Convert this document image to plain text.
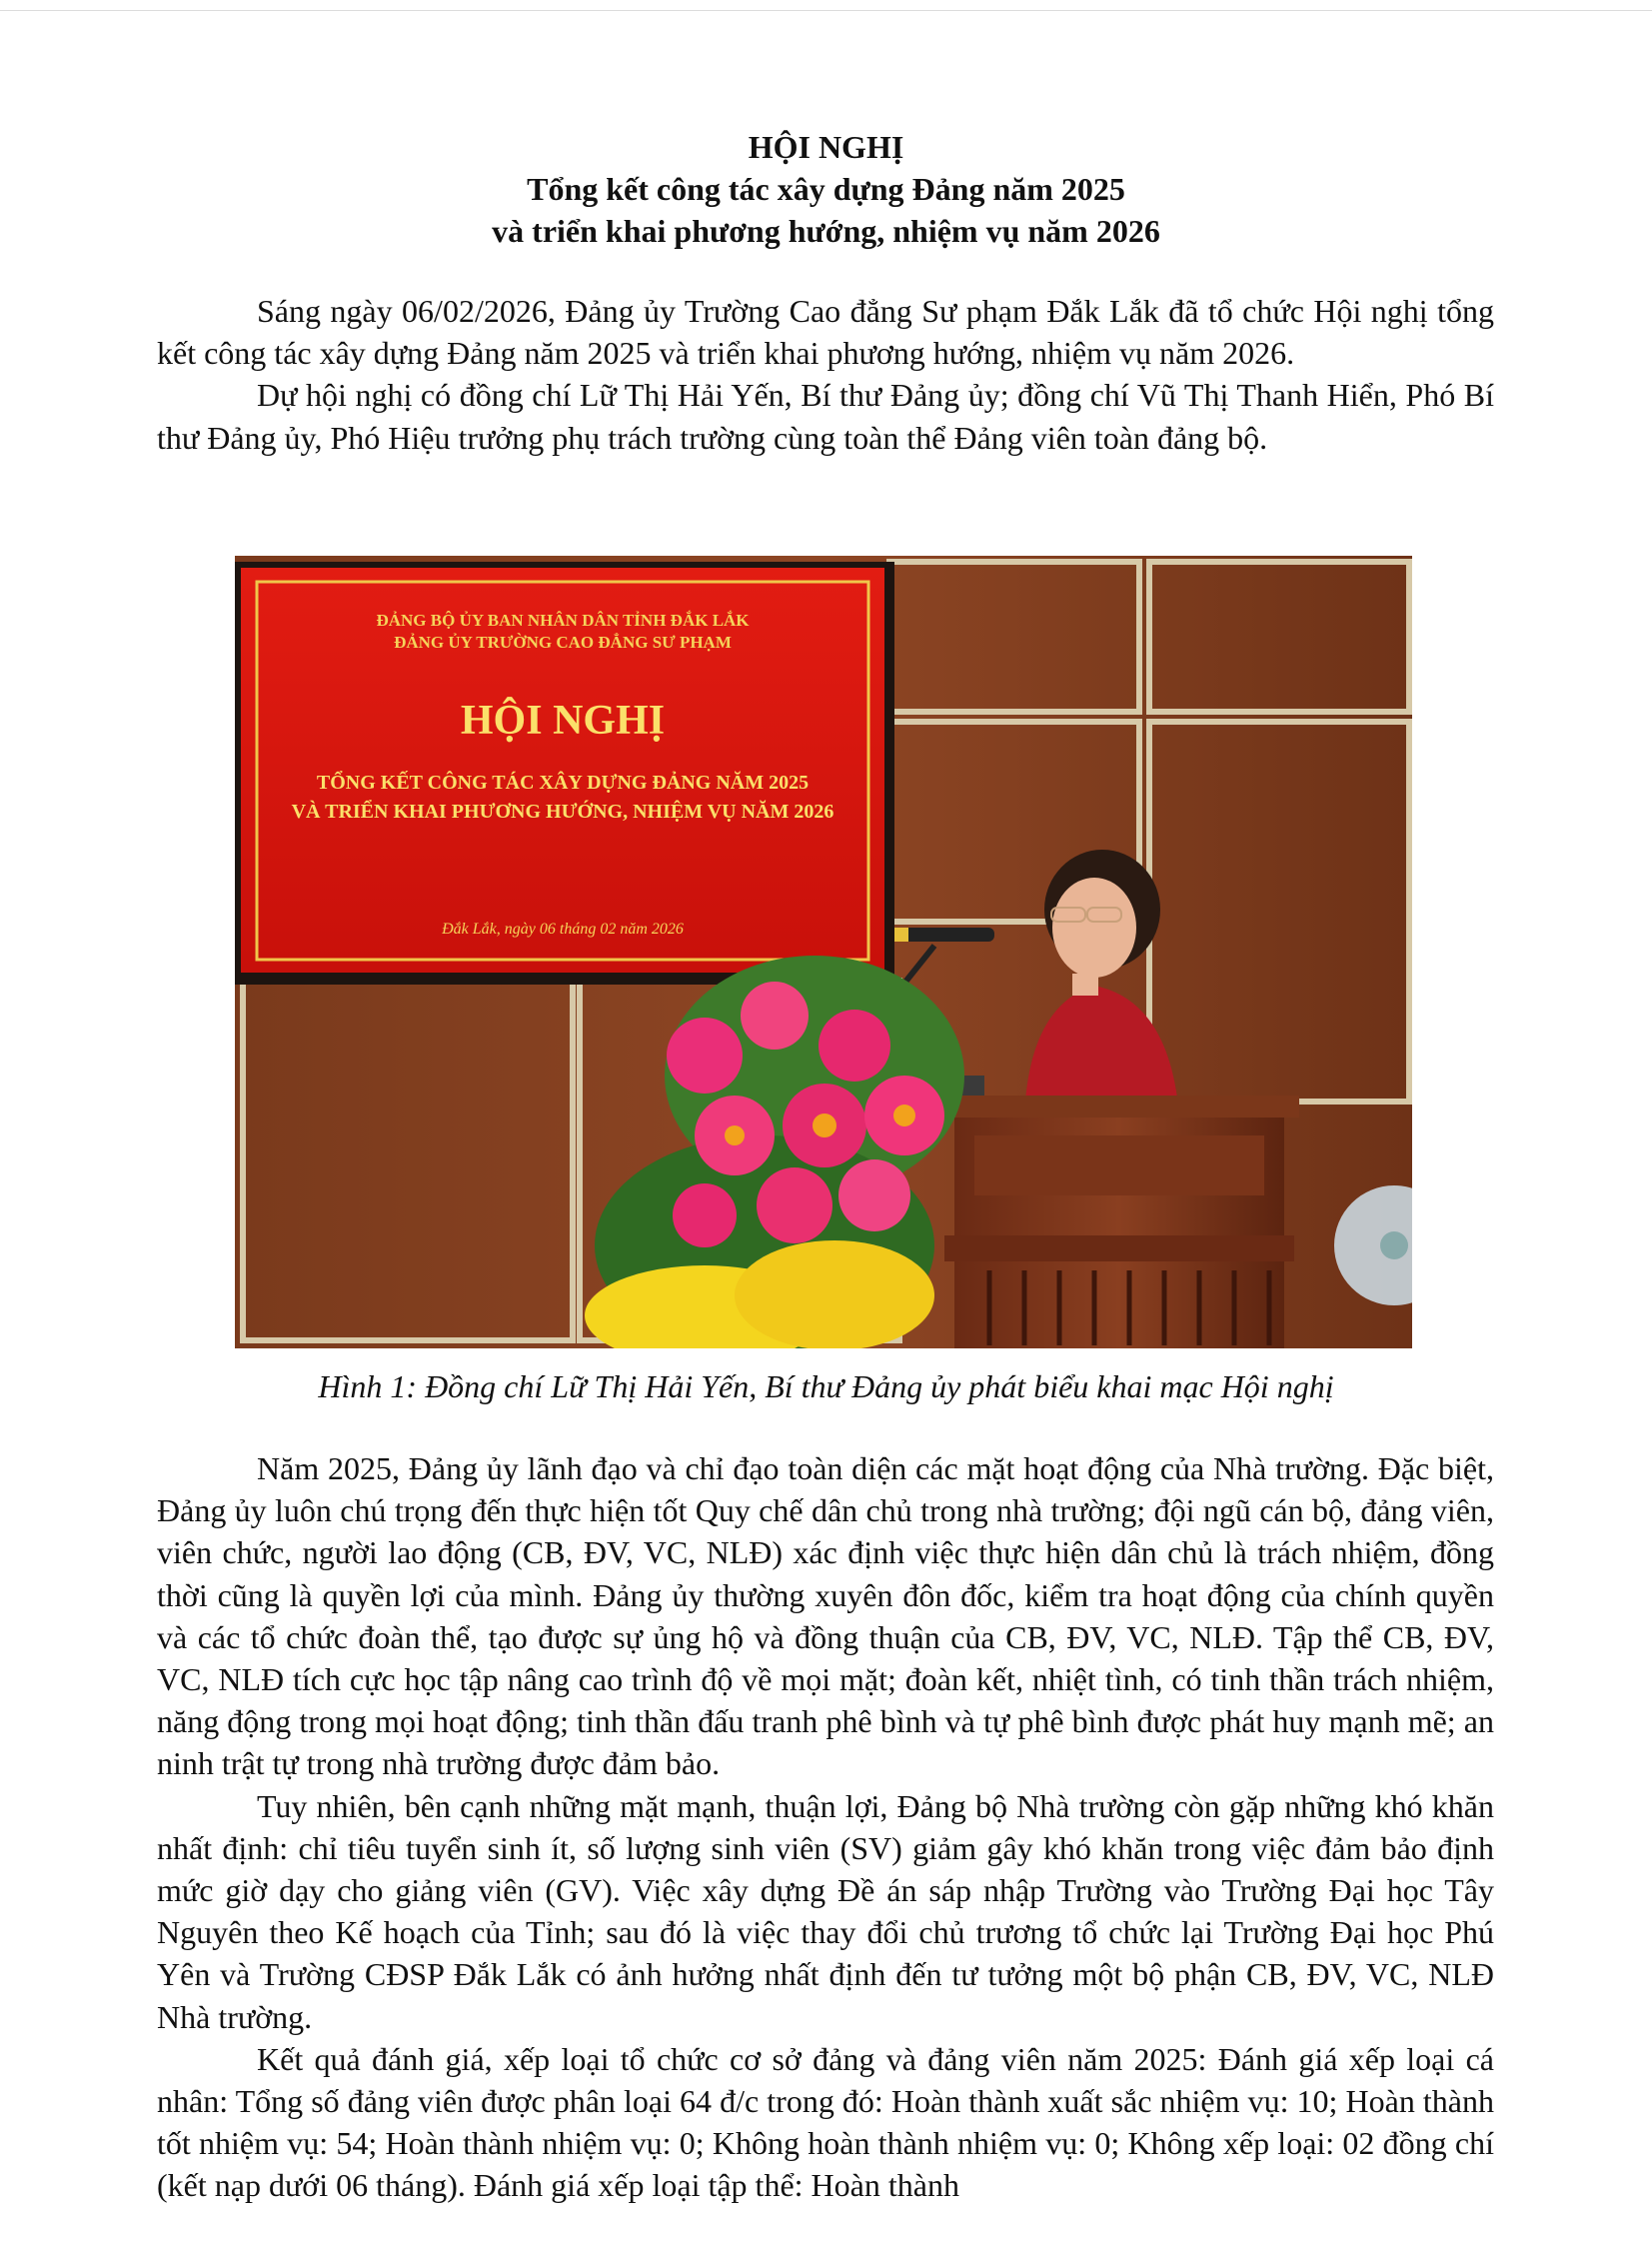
HỘI NGHỊ
Tổng kết công tác xây dựng Đảng năm 2025
và triển khai phương hướng, nhiệm vụ năm 2026

Sáng ngày 06/02/2026, Đảng ủy Trường Cao đẳng Sư phạm Đắk Lắk đã tổ chức Hội nghị tổng kết công tác xây dựng Đảng năm 2025 và triển khai phương hướng, nhiệm vụ năm 2026.

Dự hội nghị có đồng chí Lữ Thị Hải Yến, Bí thư Đảng ủy; đồng chí Vũ Thị Thanh Hiển, Phó Bí thư Đảng ủy, Phó Hiệu trưởng phụ trách trường cùng toàn thể Đảng viên toàn đảng bộ.

ĐẢNG BỘ ỦY BAN NHÂN DÂN TỈNH ĐẮK LẮK
ĐẢNG ỦY TRƯỜNG CAO ĐẲNG SƯ PHẠM
HỘI NGHỊ
TỔNG KẾT CÔNG TÁC XÂY DỰNG ĐẢNG NĂM 2025
VÀ TRIỂN KHAI PHƯƠNG HƯỚNG, NHIỆM VỤ NĂM 2026
Đắk Lắk, ngày 06 tháng 02 năm 2026
Hình 1: Đồng chí Lữ Thị Hải Yến, Bí thư Đảng ủy phát biểu khai mạc Hội nghị

Năm 2025, Đảng ủy lãnh đạo và chỉ đạo toàn diện các mặt hoạt động của Nhà trường. Đặc biệt, Đảng ủy luôn chú trọng đến thực hiện tốt Quy chế dân chủ trong nhà trường; đội ngũ cán bộ, đảng viên, viên chức, người lao động (CB, ĐV, VC, NLĐ) xác định việc thực hiện dân chủ là trách nhiệm, đồng thời cũng là quyền lợi của mình. Đảng ủy thường xuyên đôn đốc, kiểm tra hoạt động của chính quyền và các tổ chức đoàn thể, tạo được sự ủng hộ và đồng thuận của CB, ĐV, VC, NLĐ. Tập thể CB, ĐV, VC, NLĐ tích cực học tập nâng cao trình độ về mọi mặt; đoàn kết, nhiệt tình, có tinh thần trách nhiệm, năng động trong mọi hoạt động; tinh thần đấu tranh phê bình và tự phê bình được phát huy mạnh mẽ; an ninh trật tự trong nhà trường được đảm bảo.

Tuy nhiên, bên cạnh những mặt mạnh, thuận lợi, Đảng bộ Nhà trường còn gặp những khó khăn nhất định: chỉ tiêu tuyển sinh ít, số lượng sinh viên (SV) giảm gây khó khăn trong việc đảm bảo định mức giờ dạy cho giảng viên (GV). Việc xây dựng Đề án sáp nhập Trường vào Trường Đại học Tây Nguyên theo Kế hoạch của Tỉnh; sau đó là việc thay đổi chủ trương tổ chức lại Trường Đại học Phú Yên và Trường CĐSP Đắk Lắk có ảnh hưởng nhất định đến tư tưởng một bộ phận CB, ĐV, VC, NLĐ Nhà trường.

Kết quả đánh giá, xếp loại tổ chức cơ sở đảng và đảng viên năm 2025: Đánh giá xếp loại cá nhân: Tổng số đảng viên được phân loại 64 đ/c trong đó: Hoàn thành xuất sắc nhiệm vụ: 10; Hoàn thành tốt nhiệm vụ: 54; Hoàn thành nhiệm vụ: 0; Không hoàn thành nhiệm vụ: 0; Không xếp loại: 02 đồng chí (kết nạp dưới 06 tháng). Đánh giá xếp loại tập thể: Hoàn thành
